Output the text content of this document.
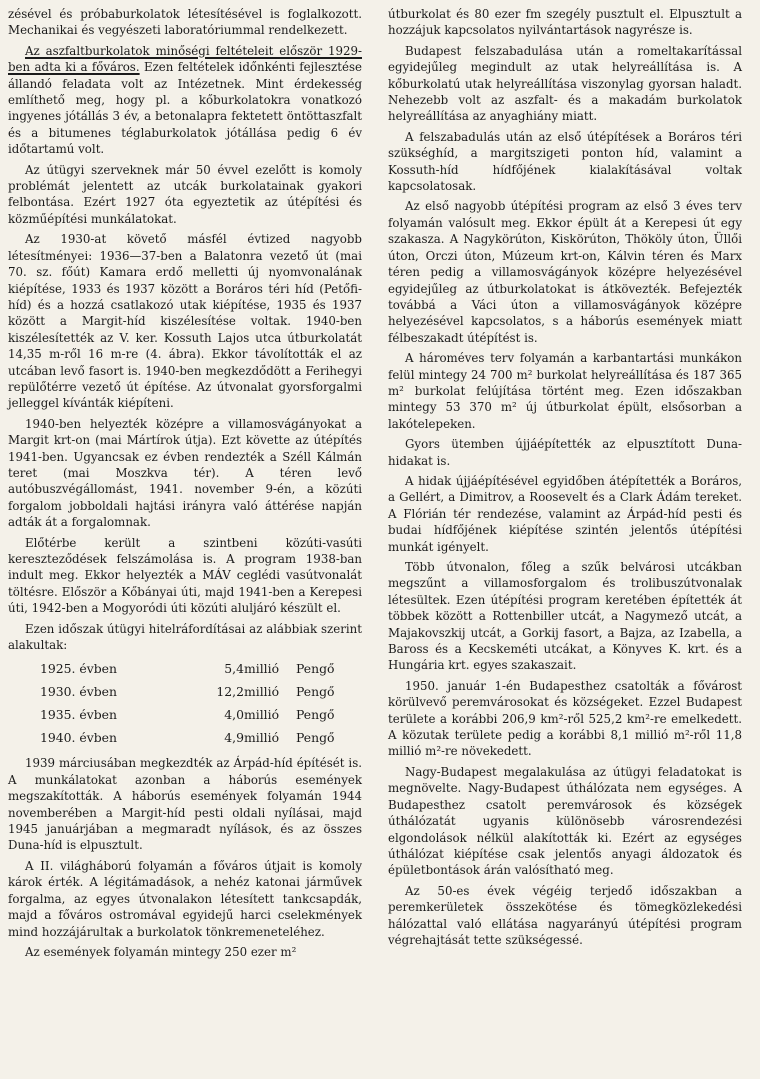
zésével és próbaburkolatok létesítésével is foglalkozott. Mechanikai és vegyészeti laboratóriummal rendelkezett.

Az aszfaltburkolatok minőségi feltételeit először 1929-ben adta ki a főváros. Ezen feltételek időnkénti fejlesztése állandó feladata volt az Intézetnek. Mint érdekesség említhető meg, hogy pl. a kőburkolatokra vonatkozó ingyenes jótállás 3 év, a betonalapra fektetett öntöttaszfalt és a bitumenes téglaburkolatok jótállása pedig 6 év időtartamú volt.

Az útügyi szerveknek már 50 évvel ezelőtt is komoly problémát jelentett az utcák burkolatainak gyakori felbontása. Ezért 1927 óta egyeztetik az útépítési és közműépítési munkálatokat.

Az 1930-at követő másfél évtized nagyobb létesítményei: 1936—37-ben a Balatonra vezető út (mai 70. sz. főút) Kamara erdő melletti új nyomvonalának kiépítése, 1933 és 1937 között a Boráros téri híd (Petőfi-híd) és a hozzá csatlakozó utak kiépítése, 1935 és 1937 között a Margit-híd kiszélesítése voltak. 1940-ben kiszélesítették az V. ker. Kossuth Lajos utca útburkolatát 14,35 m-ről 16 m-re (4. ábra). Ekkor távolították el az utcában levő fasort is. 1940-ben megkezdődött a Ferihegyi repülőtérre vezető út építése. Az útvonalat gyorsforgalmi jelleggel kívánták kiépíteni.

1940-ben helyezték középre a villamosvágányokat a Margit krt-on (mai Mártírok útja). Ezt követte az útépítés 1941-ben. Ugyancsak ez évben rendezték a Széll Kálmán teret (mai Moszkva tér). A téren levő autóbuszvégállomást, 1941. november 9-én, a közúti forgalom jobboldali hajtási irányra való áttérése napján adták át a forgalomnak.

Előtérbe került a szintbeni közúti-vasúti kereszteződések felszámolása is. A program 1938-ban indult meg. Ekkor helyezték a MÁV ceglédi vasútvonalát töltésre. Először a Kőbányai úti, majd 1941-ben a Kerepesi úti, 1942-ben a Mogyoródi úti közúti aluljáró készült el.

Ezen időszak útügyi hitelráfordításai az alábbiak szerint alakultak:

1925. évben	5,4	millió	Pengő
1930. évben	12,2	millió	Pengő
1935. évben	4,0	millió	Pengő
1940. évben	4,9	millió	Pengő

1939 márciusában megkezdték az Árpád-híd építését is. A munkálatokat azonban a háborús események megszakították. A háborús események folyamán 1944 novemberében a Margit-híd pesti oldali nyílásai, majd 1945 januárjában a megmaradt nyílások, és az összes Duna-híd is elpusztult.

A II. világháború folyamán a főváros útjait is komoly károk érték. A légitámadások, a nehéz katonai járművek forgalma, az egyes útvonalakon létesített tankcsapdák, majd a főváros ostromával egyidejű harci cselekmények mind hozzájárultak a burkolatok tönkremeneteléhez.

Az események folyamán mintegy 250 ezer m²

útburkolat és 80 ezer fm szegély pusztult el. Elpusztult a hozzájuk kapcsolatos nyilvántartások nagyrésze is.

Budapest felszabadulása után a romeltakarítással egyidejűleg megindult az utak helyreállítása is. A kőburkolatú utak helyreállítása viszonylag gyorsan haladt. Nehezebb volt az aszfalt- és a makadám burkolatok helyreállítása az anyaghiány miatt.

A felszabadulás után az első útépítések a Boráros téri szükséghíd, a margitszigeti ponton híd, valamint a Kossuth-híd hídfőjének kialakításával voltak kapcsolatosak.

Az első nagyobb útépítési program az első 3 éves terv folyamán valósult meg. Ekkor épült át a Kerepesi út egy szakasza. A Nagykörúton, Kiskörúton, Thököly úton, Üllői úton, Orczi úton, Múzeum krt-on, Kálvin téren és Marx téren pedig a villamosvágányok középre helyezésével egyidejűleg az útburkolatokat is átkövezték. Befejezték továbbá a Váci úton a villamosvágányok középre helyezésével kapcsolatos, s a háborús események miatt félbeszakadt útépítést is.

A hároméves terv folyamán a karbantartási munkákon felül mintegy 24 700 m² burkolat helyreállítása és 187 365 m² burkolat felújítása történt meg. Ezen időszakban mintegy 53 370 m² új útburkolat épült, elsősorban a lakótelepeken.

Gyors ütemben újjáépítették az elpusztított Duna-hidakat is.

A hidak újjáépítésével egyidőben átépítették a Boráros, a Gellért, a Dimitrov, a Roosevelt és a Clark Ádám tereket. A Flórián tér rendezése, valamint az Árpád-híd pesti és budai hídfőjének kiépítése szintén jelentős útépítési munkát igényelt.

Több útvonalon, főleg a szűk belvárosi utcákban megszűnt a villamosforgalom és trolibuszútvonalak létesültek. Ezen útépítési program keretében építették át többek között a Rottenbiller utcát, a Nagymező utcát, a Majakovszkij utcát, a Gorkij fasort, a Bajza, az Izabella, a Baross és a Kecskeméti utcákat, a Könyves K. krt. és a Hungária krt. egyes szakaszait.

1950. január 1-én Budapesthez csatolták a fővárost körülvevő peremvárosokat és községeket. Ezzel Budapest területe a korábbi 206,9 km²-ről 525,2 km²-re emelkedett. A közutak területe pedig a korábbi 8,1 millió m²-ről 11,8 millió m²-re növekedett.

Nagy-Budapest megalakulása az útügyi feladatokat is megnövelte. Nagy-Budapest úthálózata nem egységes. A Budapesthez csatolt peremvárosok és községek úthálózatát ugyanis különösebb városrendezési elgondolások nélkül alakították ki. Ezért az egységes úthálózat kiépítése csak jelentős anyagi áldozatok és épületbontások árán valósítható meg.

Az 50-es évek végéig terjedő időszakban a peremkerületek összekötése és tömegközlekedési hálózattal való ellátása nagyarányú útépítési program végrehajtását tette szükségessé.
